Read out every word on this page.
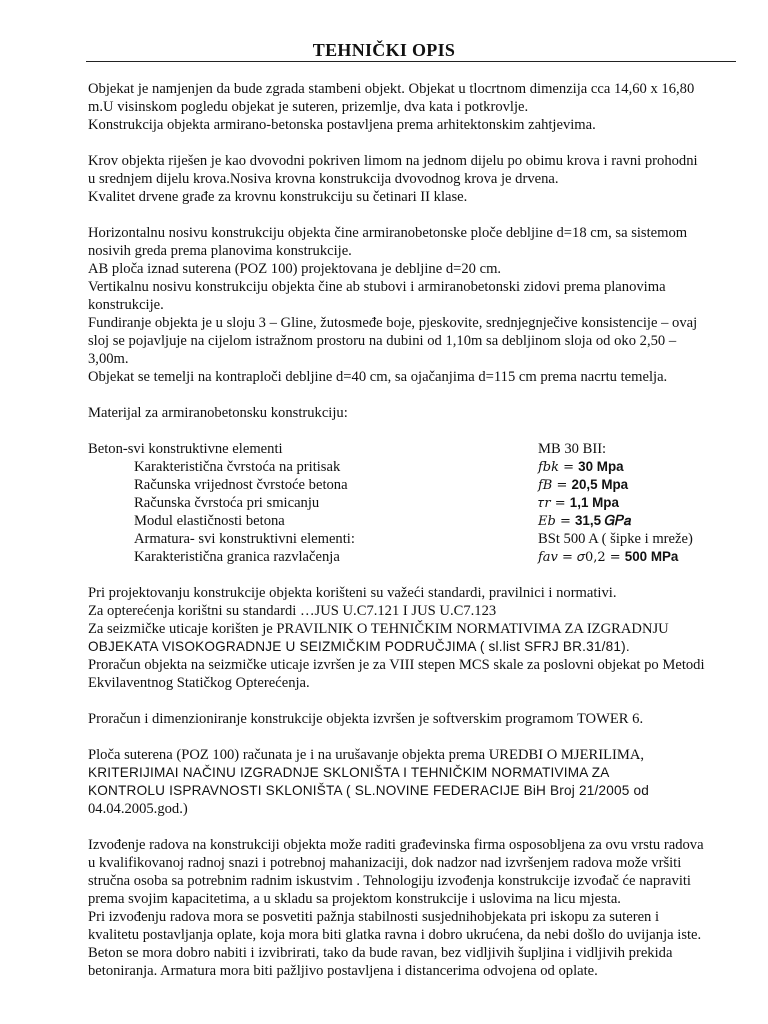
TEHNIČKI OPIS

Objekat je namjenjen da bude zgrada stambeni objekt. Objekat u tlocrtnom dimenzija cca 14,60 x 16,80
m.U visinskom pogledu objekat je suteren, prizemlje, dva kata i potkrovlje.
Konstrukcija objekta armirano-betonska postavljena prema arhitektonskim zahtjevima.

Krov objekta riješen je kao dvovodni pokriven limom na jednom dijelu po obimu krova i ravni prohodni
u srednjem dijelu krova.Nosiva krovna konstrukcija dvovodnog krova je drvena.
Kvalitet drvene građe za krovnu konstrukciju su četinari II klase.

Horizontalnu nosivu konstrukciju objekta čine armiranobetonske ploče debljine d=18 cm, sa sistemom
nosivih greda prema planovima konstrukcije.
AB ploča iznad suterena (POZ 100) projektovana je debljine d=20 cm.
Vertikalnu nosivu konstrukciju objekta čine ab stubovi i armiranobetonski zidovi prema planovima
konstrukcije.
Fundiranje objekta je u sloju 3 – Gline, žutosmeđe boje, pjeskovite, srednjegnječive konsistencije – ovaj
sloj se pojavljuje na cijelom istražnom prostoru na dubini od 1,10m sa debljinom sloja od oko 2,50 –
3,00m.
Objekat se temelji na kontraploči debljine d=40 cm, sa ojačanjima d=115 cm prema nacrtu temelja.

Materijal za armiranobetonsku konstrukciju:

Beton-svi konstruktivne elementi	MB 30 BII:
Karakteristična čvrstoća na pritisak	𝑓𝑏𝑘 = 30 Mpa
Računska vrijednost čvrstoće betona	𝑓𝐵 = 20,5 Mpa
Računska čvrstoća pri smicanju	𝜏𝑟 = 1,1 Mpa
Modul elastičnosti betona	𝐸𝑏 = 31,5 𝐺𝑃𝑎
Armatura- svi konstruktivni elementi:	BSt 500 A ( šipke i mreže)
Karakteristična granica razvlačenja	𝑓𝑎𝑣 = 𝜎0,2 = 500 MPa

Pri projektovanju konstrukcije objekta korišteni su važeći standardi, pravilnici i normativi.
Za opterećenja korištni su standardi …JUS U.C7.121 I JUS U.C7.123
Za seizmičke uticaje korišten je PRAVILNIK O TEHNIČKIM NORMATIVIMA ZA IZGRADNJU
OBJEKATA VISOKOGRADNJE U SEIZMIČKIM PODRUČJIMA ( sl.list SFRJ BR.31/81).
Proračun objekta na seizmičke uticaje izvršen je za VIII stepen MCS skale za poslovni objekat po Metodi
Ekvilaventnog Statičkog Opterećenja.

Proračun i dimenzioniranje konstrukcije objekta izvršen je softverskim programom TOWER 6.

Ploča suterena (POZ 100) računata je i na urušavanje objekta prema UREDBI O MJERILIMA,
KRITERIJIMAI NAČINU IZGRADNJE SKLONIŠTA I TEHNIČKIM NORMATIVIMA ZA
KONTROLU ISPRAVNOSTI SKLONIŠTA ( SL.NOVINE FEDERACIJE BiH Broj 21/2005 od
04.04.2005.god.)

Izvođenje radova na konstrukciji objekta može raditi građevinska firma osposobljena za ovu vrstu radova
u kvalifikovanoj radnoj snazi i potrebnoj mahanizaciji, dok nadzor nad izvršenjem radova može vršiti
stručna osoba sa potrebnim radnim iskustvim . Tehnologiju izvođenja konstrukcije izvođač će napraviti
prema svojim kapacitetima, a u skladu sa projektom konstrukcije i uslovima na licu mjesta.
Pri izvođenju radova mora se posvetiti pažnja stabilnosti susjednihobjekata pri iskopu za suteren i
kvalitetu postavljanja oplate, koja mora biti glatka ravna i dobro ukrućena, da nebi došlo do uvijanja iste.
Beton se mora dobro nabiti i izvibrirati, tako da bude ravan, bez vidljivih šupljina i vidljivih prekida
betoniranja. Armatura mora biti pažljivo postavljena i distancerima odvojena od oplate.
